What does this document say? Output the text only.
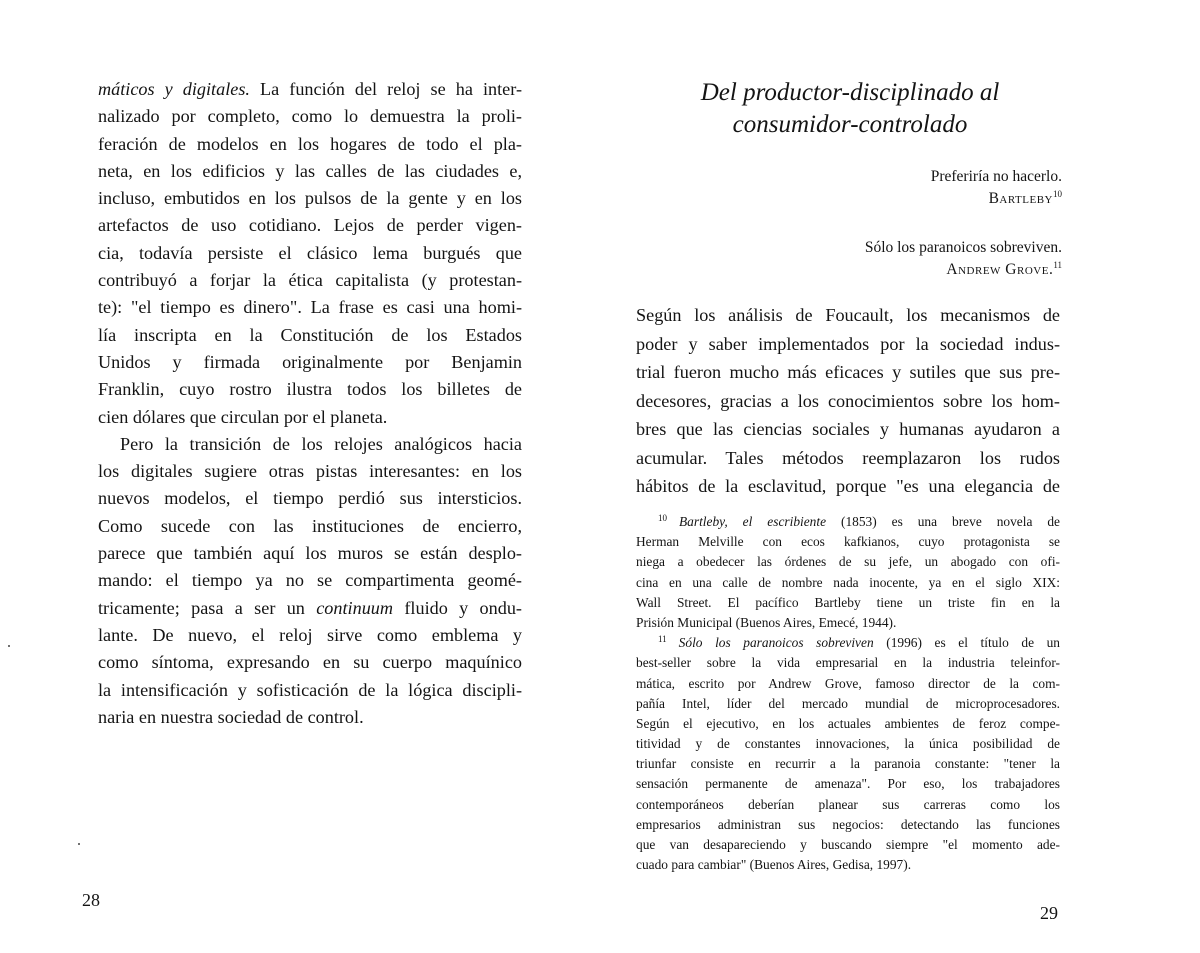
máticos y digitales. La función del reloj se ha inter-
nalizado por completo, como lo demuestra la proli-
feración de modelos en los hogares de todo el pla-
neta, en los edificios y las calles de las ciudades e,
incluso, embutidos en los pulsos de la gente y en los
artefactos de uso cotidiano. Lejos de perder vigen-
cia, todavía persiste el clásico lema burgués que
contribuyó a forjar la ética capitalista (y protestan-
te): "el tiempo es dinero". La frase es casi una homi-
lía inscripta en la Constitución de los Estados
Unidos y firmada originalmente por Benjamin
Franklin, cuyo rostro ilustra todos los billetes de
cien dólares que circulan por el planeta.
Pero la transición de los relojes analógicos hacia
los digitales sugiere otras pistas interesantes: en los
nuevos modelos, el tiempo perdió sus intersticios.
Como sucede con las instituciones de encierro,
parece que también aquí los muros se están desplo-
mando: el tiempo ya no se compartimenta geomé-
tricamente; pasa a ser un continuum fluido y ondu-
lante. De nuevo, el reloj sirve como emblema y
como síntoma, expresando en su cuerpo maquínico
la intensificación y sofisticación de la lógica discipli-
naria en nuestra sociedad de control.
28
Del productor-disciplinado al
consumidor-controlado
Preferiría no hacerlo.
Bartleby$^{10}$
Sólo los paranoicos sobreviven.
Andrew Grove.$^{11}$
Según los análisis de Foucault, los mecanismos de
poder y saber implementados por la sociedad indus-
trial fueron mucho más eficaces y sutiles que sus pre-
decesores, gracias a los conocimientos sobre los hom-
bres que las ciencias sociales y humanas ayudaron a
acumular. Tales métodos reemplazaron los rudos
hábitos de la esclavitud, porque "es una elegancia de
$^{10}$ Bartleby, el escribiente (1853) es una breve novela de
Herman Melville con ecos kafkianos, cuyo protagonista se
niega a obedecer las órdenes de su jefe, un abogado con ofi-
cina en una calle de nombre nada inocente, ya en el siglo XIX:
Wall Street. El pacífico Bartleby tiene un triste fin en la
Prisión Municipal (Buenos Aires, Emecé, 1944).
$^{11}$ Sólo los paranoicos sobreviven (1996) es el título de un
best-seller sobre la vida empresarial en la industria teleinfor-
mática, escrito por Andrew Grove, famoso director de la com-
pañía Intel, líder del mercado mundial de microprocesadores.
Según el ejecutivo, en los actuales ambientes de feroz compe-
titividad y de constantes innovaciones, la única posibilidad de
triunfar consiste en recurrir a la paranoia constante: "tener la
sensación permanente de amenaza". Por eso, los trabajadores
contemporáneos deberían planear sus carreras como los
empresarios administran sus negocios: detectando las funciones
que van desapareciendo y buscando siempre "el momento ade-
cuado para cambiar" (Buenos Aires, Gedisa, 1997).
29
